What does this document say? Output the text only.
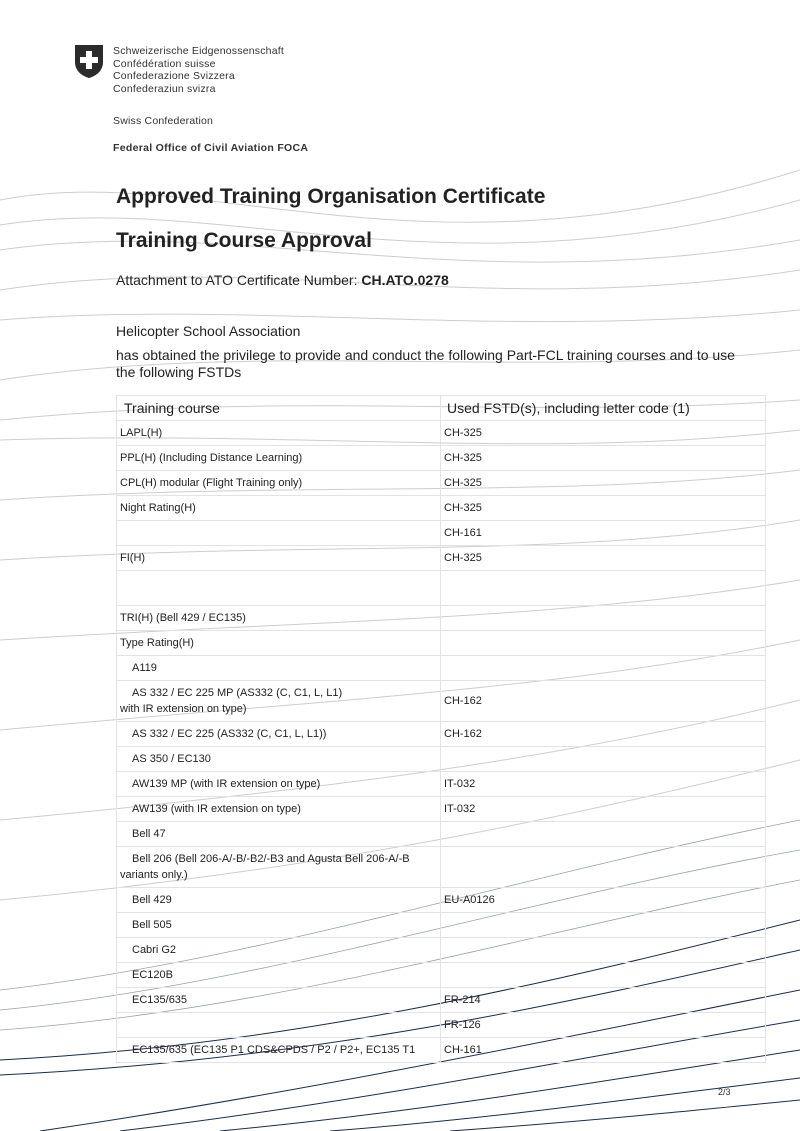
Schweizerische Eidgenossenschaft
Confédération suisse
Confederazione Svizzera
Confederaziun svizra
Swiss Confederation
Federal Office of Civil Aviation FOCA
Approved Training Organisation Certificate
Training Course Approval
Attachment to ATO Certificate Number: CH.ATO.0278
Helicopter School Association
has obtained the privilege to provide and conduct the following Part-FCL training courses and to use the following FSTDs
Training course	Used FSTD(s), including letter code (1)
LAPL(H)	CH-325
PPL(H) (Including Distance Learning)	CH-325
CPL(H) modular (Flight Training only)	CH-325
Night Rating(H)	CH-325
	CH-161
FI(H)	CH-325

TRI(H) (Bell 429 / EC135)	
Type Rating(H)	
A119	

AS 332 / EC 225 MP (AS332 (C, C1, L, L1)
with IR extension on type)	CH-162
AS 332 / EC 225 (AS332 (C, C1, L, L1))	CH-162
AS 350 / EC130	
AW139 MP (with IR extension on type)	IT-032
AW139 (with IR extension on type)	IT-032
Bell 47	

Bell 206 (Bell 206-A/-B/-B2/-B3 and Agusta Bell 206-A/-B
variants only.)	

Bell 429	EU-A0126
Bell 505	
Cabri G2	
EC120B	
EC135/635	FR-214
	FR-126
EC135/635 (EC135 P1 CDS&CPDS / P2 / P2+, EC135 T1	CH-161
2/3
